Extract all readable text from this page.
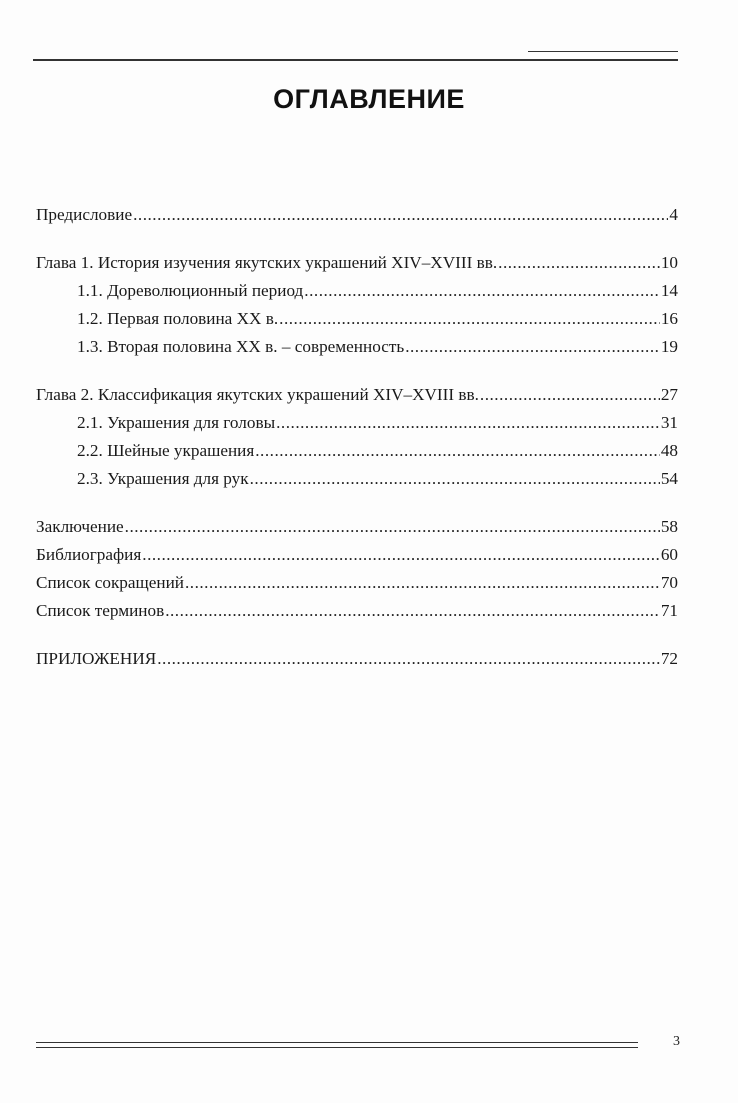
ОГЛАВЛЕНИЕ
Предисловие .....	4
Глава 1. История изучения якутских украшений XIV–XVIII вв. .....	10
1.1. Дореволюционный период .....	14
1.2. Первая половина XX в. .....	16
1.3. Вторая половина XX в. – современность .....	19
Глава 2. Классификация якутских украшений XIV–XVIII вв. .....	27
2.1. Украшения для головы .....	31
2.2. Шейные украшения .....	48
2.3. Украшения для рук .....	54
Заключение .....	58
Библиография .....	60
Список сокращений .....	70
Список терминов .....	71
ПРИЛОЖЕНИЯ .....	72
3
